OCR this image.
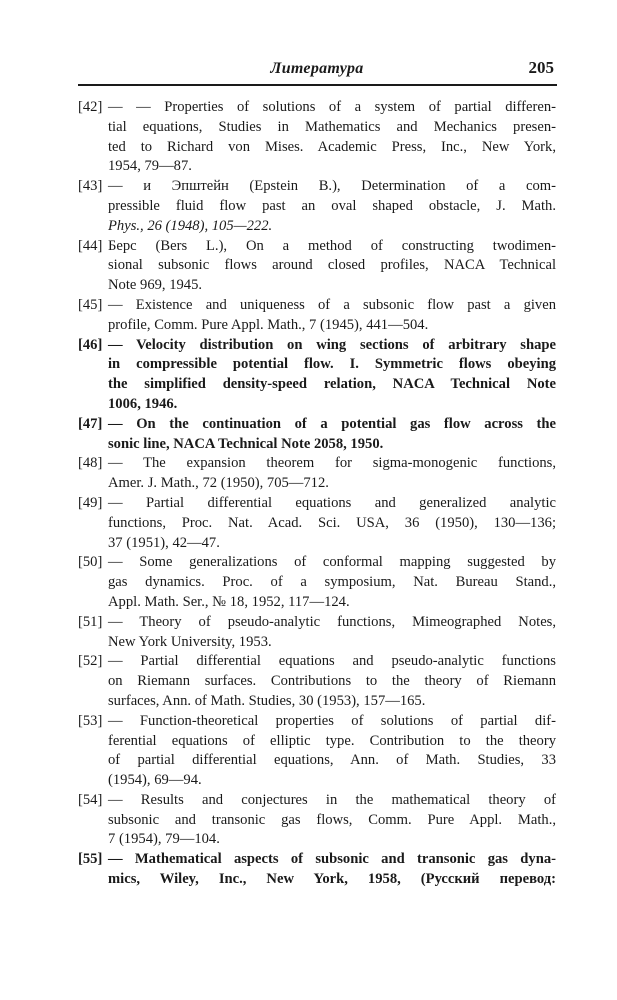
Литература	205
[42] — — Properties of solutions of a system of partial differen-
tial equations, Studies in Mathematics and Mechanics presen-
ted to Richard von Mises. Academic Press, Inc., New York,
1954, 79—87.
[43] — и Эпштейн (Epstein B.), Determination of a com-
pressible fluid flow past an oval shaped obstacle, J. Math.
Phys., 26 (1948), 105—222.
[44] Берс (Bers L.), On a method of constructing twodimen-
sional subsonic flows around closed profiles, NACA Technical
Note 969, 1945.
[45] — Existence and uniqueness of a subsonic flow past a given
profile, Comm. Pure Appl. Math., 7 (1945), 441—504.
[46] — Velocity distribution on wing sections of arbitrary shape
in compressible potential flow. I. Symmetric flows obeying
the simplified density-speed relation, NACA Technical Note
1006, 1946.
[47] — On the continuation of a potential gas flow across the
sonic line, NACA Technical Note 2058, 1950.
[48] — The expansion theorem for sigma-monogenic functions,
Amer. J. Math., 72 (1950), 705—712.
[49] — Partial differential equations and generalized analytic
functions, Proc. Nat. Acad. Sci. USA, 36 (1950), 130—136;
37 (1951), 42—47.
[50] — Some generalizations of conformal mapping suggested by
gas dynamics. Proc. of a symposium, Nat. Bureau Stand.,
Appl. Math. Ser., № 18, 1952, 117—124.
[51] — Theory of pseudo-analytic functions, Mimeographed Notes,
New York University, 1953.
[52] — Partial differential equations and pseudo-analytic functions
on Riemann surfaces. Contributions to the theory of Riemann
surfaces, Ann. of Math. Studies, 30 (1953), 157—165.
[53] — Function-theoretical properties of solutions of partial dif-
ferential equations of elliptic type. Contribution to the theory
of partial differential equations, Ann. of Math. Studies, 33
(1954), 69—94.
[54] — Results and conjectures in the mathematical theory of
subsonic and transonic gas flows, Comm. Pure Appl. Math.,
7 (1954), 79—104.
[55] — Mathematical aspects of subsonic and transonic gas dyna-
mics, Wiley, Inc., New York, 1958, (Русский перевод:
